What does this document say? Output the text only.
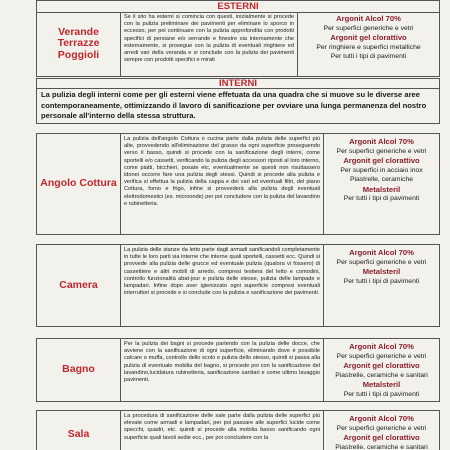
ESTERNI
Verande
Terrazze
Poggioli
Se il sito ha esterni si comincia con questi, inizialmente si procede con la pulizia preliminare dei pavimenti per eliminare lo sporco in eccesso, per poi continuare con la pulizia approfondita con prodotti specifici di persiane e/o serrande e finestre sia internamente che esternamente, si prosegue con la pulizia di eventuali ringhiere ed arredi vari della veranda e si conclude con la pulizia dei pavimenti sempre con prodotti specifici e mirati
Argonit Alcol 70%
Per superfici generiche e vetri
Argonit gel clorattivo
Per ringhiere e superfici metalliche
Per tutti i tipi di pavimenti
INTERNI
La pulizia degli interni come per gli esterni viene effetuata da una quadra che si muove su le diverse aree contemporaneamente, ottimizzando il lavoro di sanificazione per ovviare una lunga permanenza del nostro personale all'interno della stessa struttura.
Angolo Cottura
La pulizia dell'angolo Cottura o cucina parte dalla pulizia delle superfici più alte, provvedendo all'eliminazione del grasso da ogni superficie proseguendo verso il basso, quindi si procede con la sanificazione degli interni, come sportelli e/o cassetti, verificando la pulizia degli accessori riposti al loro interno, come piatti, bicchieri, posate etc, eventualmente se questi non risultassero idonei occorre fare una pulizia degli stessi. Quindi si procede alla pulizia e verifica si effettua la pulizia della cappa e dei vari ed eventuali filtri, del piano Cottura, forno e frigo, infine si provvederà alla pulizia degli eventuali elettrodomestici (es. microonde) per poi concludere con la pulizia del lavandino e rubinetteria.
Argonit Alcol 70%
Per superfici generiche e vetri
Argonit gel clorattivo
Per superfici in acciaio inox
Piastrelle, ceramiche
Metalsteril
Per tutti i tipi di pavimenti
Camera
La pulizia delle stanze da letto parte dagli armadi sanificandoli completamente in tutte le loro parti sia interne che interne quali sportelli, cassetti ecc. Quindi si provvede alla pulizia delle grucce ed eventuale pulizia (qualora vi fossero) di cassettiere e altri mobili di arredo, compresi testiera del letto e comodini, controllo funzionalità abat-jour e pulizia delle stesse, pulizia delle lampade e lampadari. Infine dopo aver igienizzato ogni superficie compresi eventuali interruttori si procede e si conclude con la pulizia e sanificazione dei pavimenti.
Argonit Alcol 70%
Per superfici generiche e vetri
Metalsteril
Per tutti i tipi di pavimenti
Bagno
Per la pulizia dei bagni si procede partendo con la pulizia delle docce, che avviene con la sanificazione di ogni superficie, eliminando dove è possibile calcare o muffa, controllo dello scolo e pulizia dello stesso, quindi si passa alla pulizia di eventuale mobilia del bagno, si procede poi con la sanificazione del lavandino,lucidatura rubinetteria, sanificazione sanitari e come ultimo lavaggio pavimenti.
Argonit Alcol 70%
Per superfici generiche e vetri
Argonit gel clorattivo
Piastrelle, ceramiche e sanitari
Metalsteril
Per tutti i tipi di pavimenti
Sala
La procedura di sanificazione delle sale parte dalla pulizia delle superfici più elevate come armadi e lampadari, per poi passare alle superfici lucide come specchi, quadri, etc. quindi si procede alla mobilia basso sanificando ogni superficie quali tavoli sedie ecc., per poi concludere con la
Argonit Alcol 70%
Per superfici generiche e vetri
Argonit gel clorattivo
Piastrelle, ceramiche e sanitari
